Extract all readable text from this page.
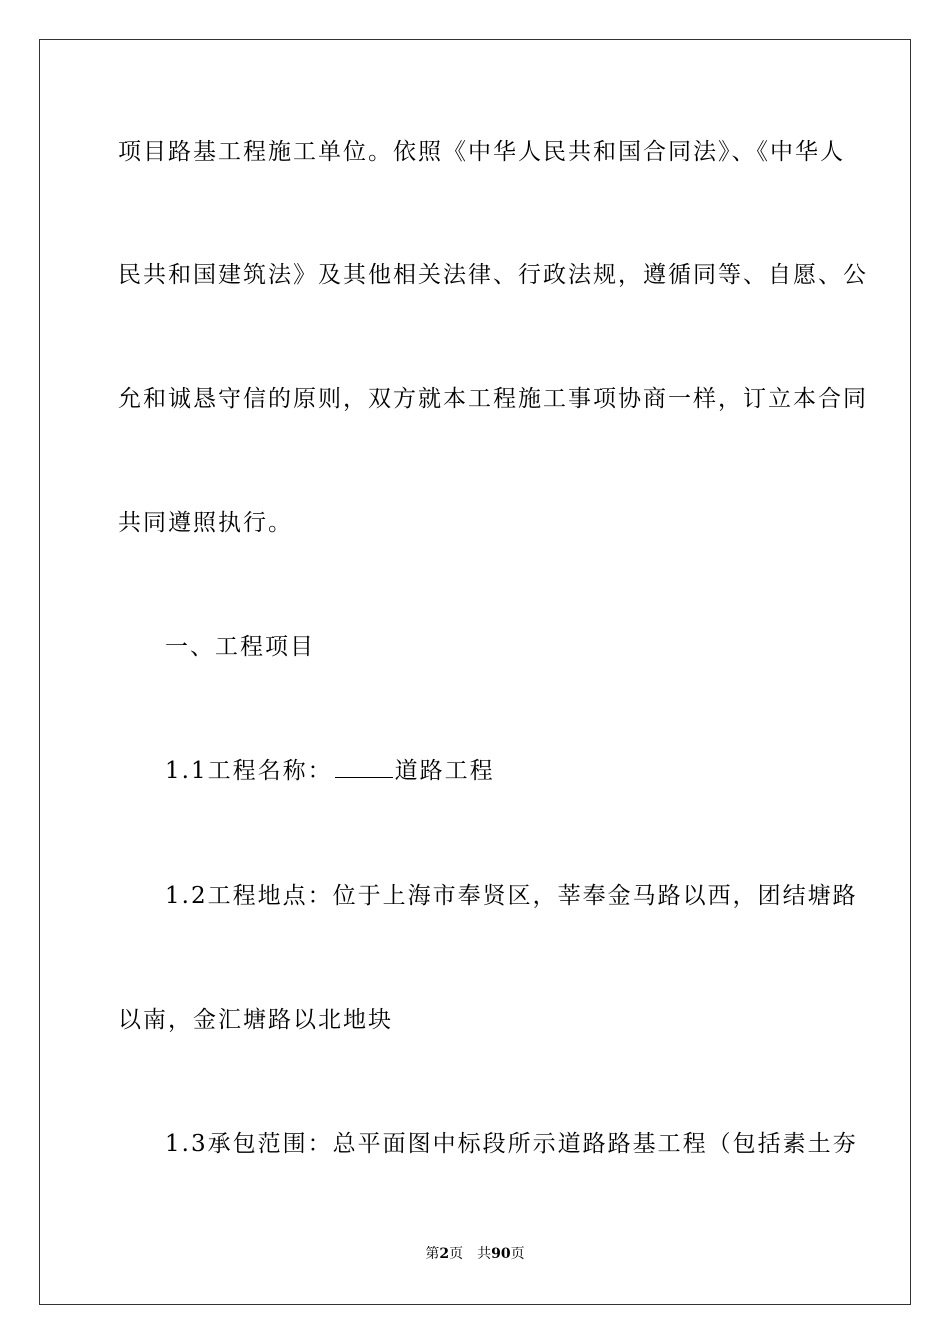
项目路基工程施工单位。依照《中华人民共和国合同法》、《中华人
民共和国建筑法》及其他相关法律、行政法规，遵循同等、自愿、公
允和诚恳守信的原则，双方就本工程施工事项协商一样，订立本合同
共同遵照执行。
一、工程项目
1.1工程名称：	道路工程
1.2工程地点：位于上海市奉贤区，莘奉金马路以西，团结塘路
以南，金汇塘路以北地块
1.3承包范围：总平面图中标段所示道路路基工程（包括素土夯
第2页　共90页
